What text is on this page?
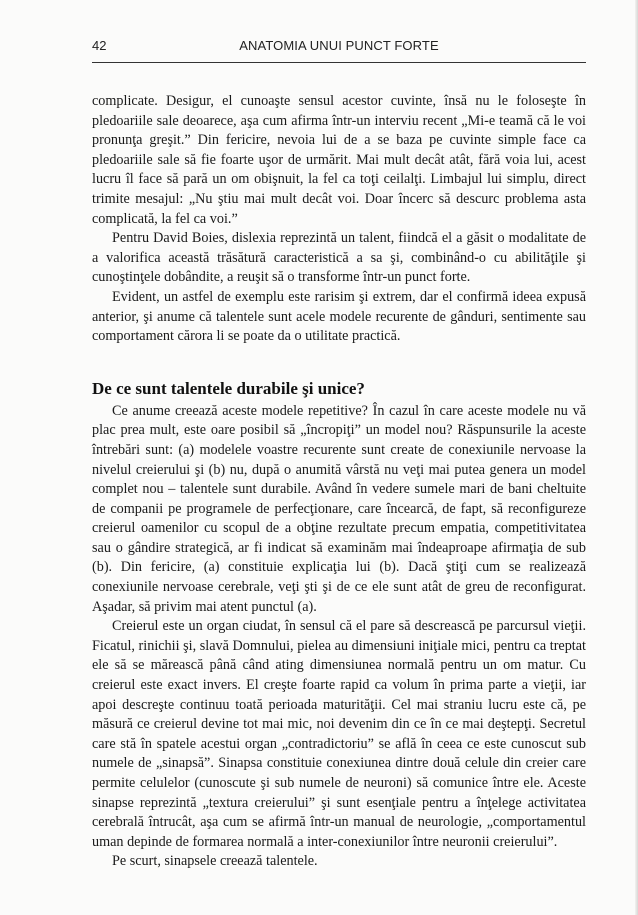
42	ANATOMIA UNUI PUNCT FORTE

complicate. Desigur, el cunoaşte sensul acestor cuvinte, însă nu le foloseşte în pledoariile sale deoarece, aşa cum afirma într-un interviu recent „Mi-e teamă că le voi pronunţa greşit.” Din fericire, nevoia lui de a se baza pe cuvinte simple face ca pledoariile sale să fie foarte uşor de urmărit. Mai mult decât atât, fără voia lui, acest lucru îl face să pară un om obişnuit, la fel ca toţi ceilalţi. Limbajul lui simplu, direct trimite mesajul: „Nu ştiu mai mult decât voi. Doar încerc să descurc problema asta complicată, la fel ca voi.”

Pentru David Boies, dislexia reprezintă un talent, fiindcă el a găsit o modalitate de a valorifica această trăsătură caracteristică a sa şi, combinând-o cu abilităţile şi cunoştinţele dobândite, a reuşit să o transforme într-un punct forte.

Evident, un astfel de exemplu este rarisim şi extrem, dar el confirmă ideea expusă anterior, şi anume că talentele sunt acele modele recurente de gânduri, sentimente sau comportament cărora li se poate da o utilitate practică.

De ce sunt talentele durabile şi unice?

Ce anume creează aceste modele repetitive? În cazul în care aceste modele nu vă plac prea mult, este oare posibil să „încropiţi” un model nou? Răspunsurile la aceste întrebări sunt: (a) modelele voastre recurente sunt create de conexiunile nervoase la nivelul creierului şi (b) nu, după o anumită vârstă nu veţi mai putea genera un model complet nou – talentele sunt durabile. Având în vedere sumele mari de bani cheltuite de companii pe programele de perfecţionare, care încearcă, de fapt, să reconfigureze creierul oamenilor cu scopul de a obţine rezultate precum empatia, competitivitatea sau o gândire strategică, ar fi indicat să examinăm mai îndeaproape afirmaţia de sub (b). Din fericire, (a) constituie explicaţia lui (b). Dacă ştiţi cum se realizează conexiunile nervoase cerebrale, veţi şti şi de ce ele sunt atât de greu de reconfigurat. Aşadar, să privim mai atent punctul (a).

Creierul este un organ ciudat, în sensul că el pare să descrească pe parcursul vieţii. Ficatul, rinichii şi, slavă Domnului, pielea au dimensiuni iniţiale mici, pentru ca treptat ele să se mărească până când ating dimensiunea normală pentru un om matur. Cu creierul este exact invers. El creşte foarte rapid ca volum în prima parte a vieţii, iar apoi descreşte continuu toată perioada maturităţii. Cel mai straniu lucru este că, pe măsură ce creierul devine tot mai mic, noi devenim din ce în ce mai deştepţi. Secretul care stă în spatele acestui organ „contradictoriu” se află în ceea ce este cunoscut sub numele de „sinapsă”. Sinapsa constituie conexiunea dintre două celule din creier care permite celulelor (cunoscute şi sub numele de neuroni) să comunice între ele. Aceste sinapse reprezintă „textura creierului” şi sunt esenţiale pentru a înţelege activitatea cerebrală întrucât, aşa cum se afirmă într-un manual de neurologie, „comportamentul uman depinde de formarea normală a inter-conexiunilor între neuronii creierului”.

Pe scurt, sinapsele creează talentele.
